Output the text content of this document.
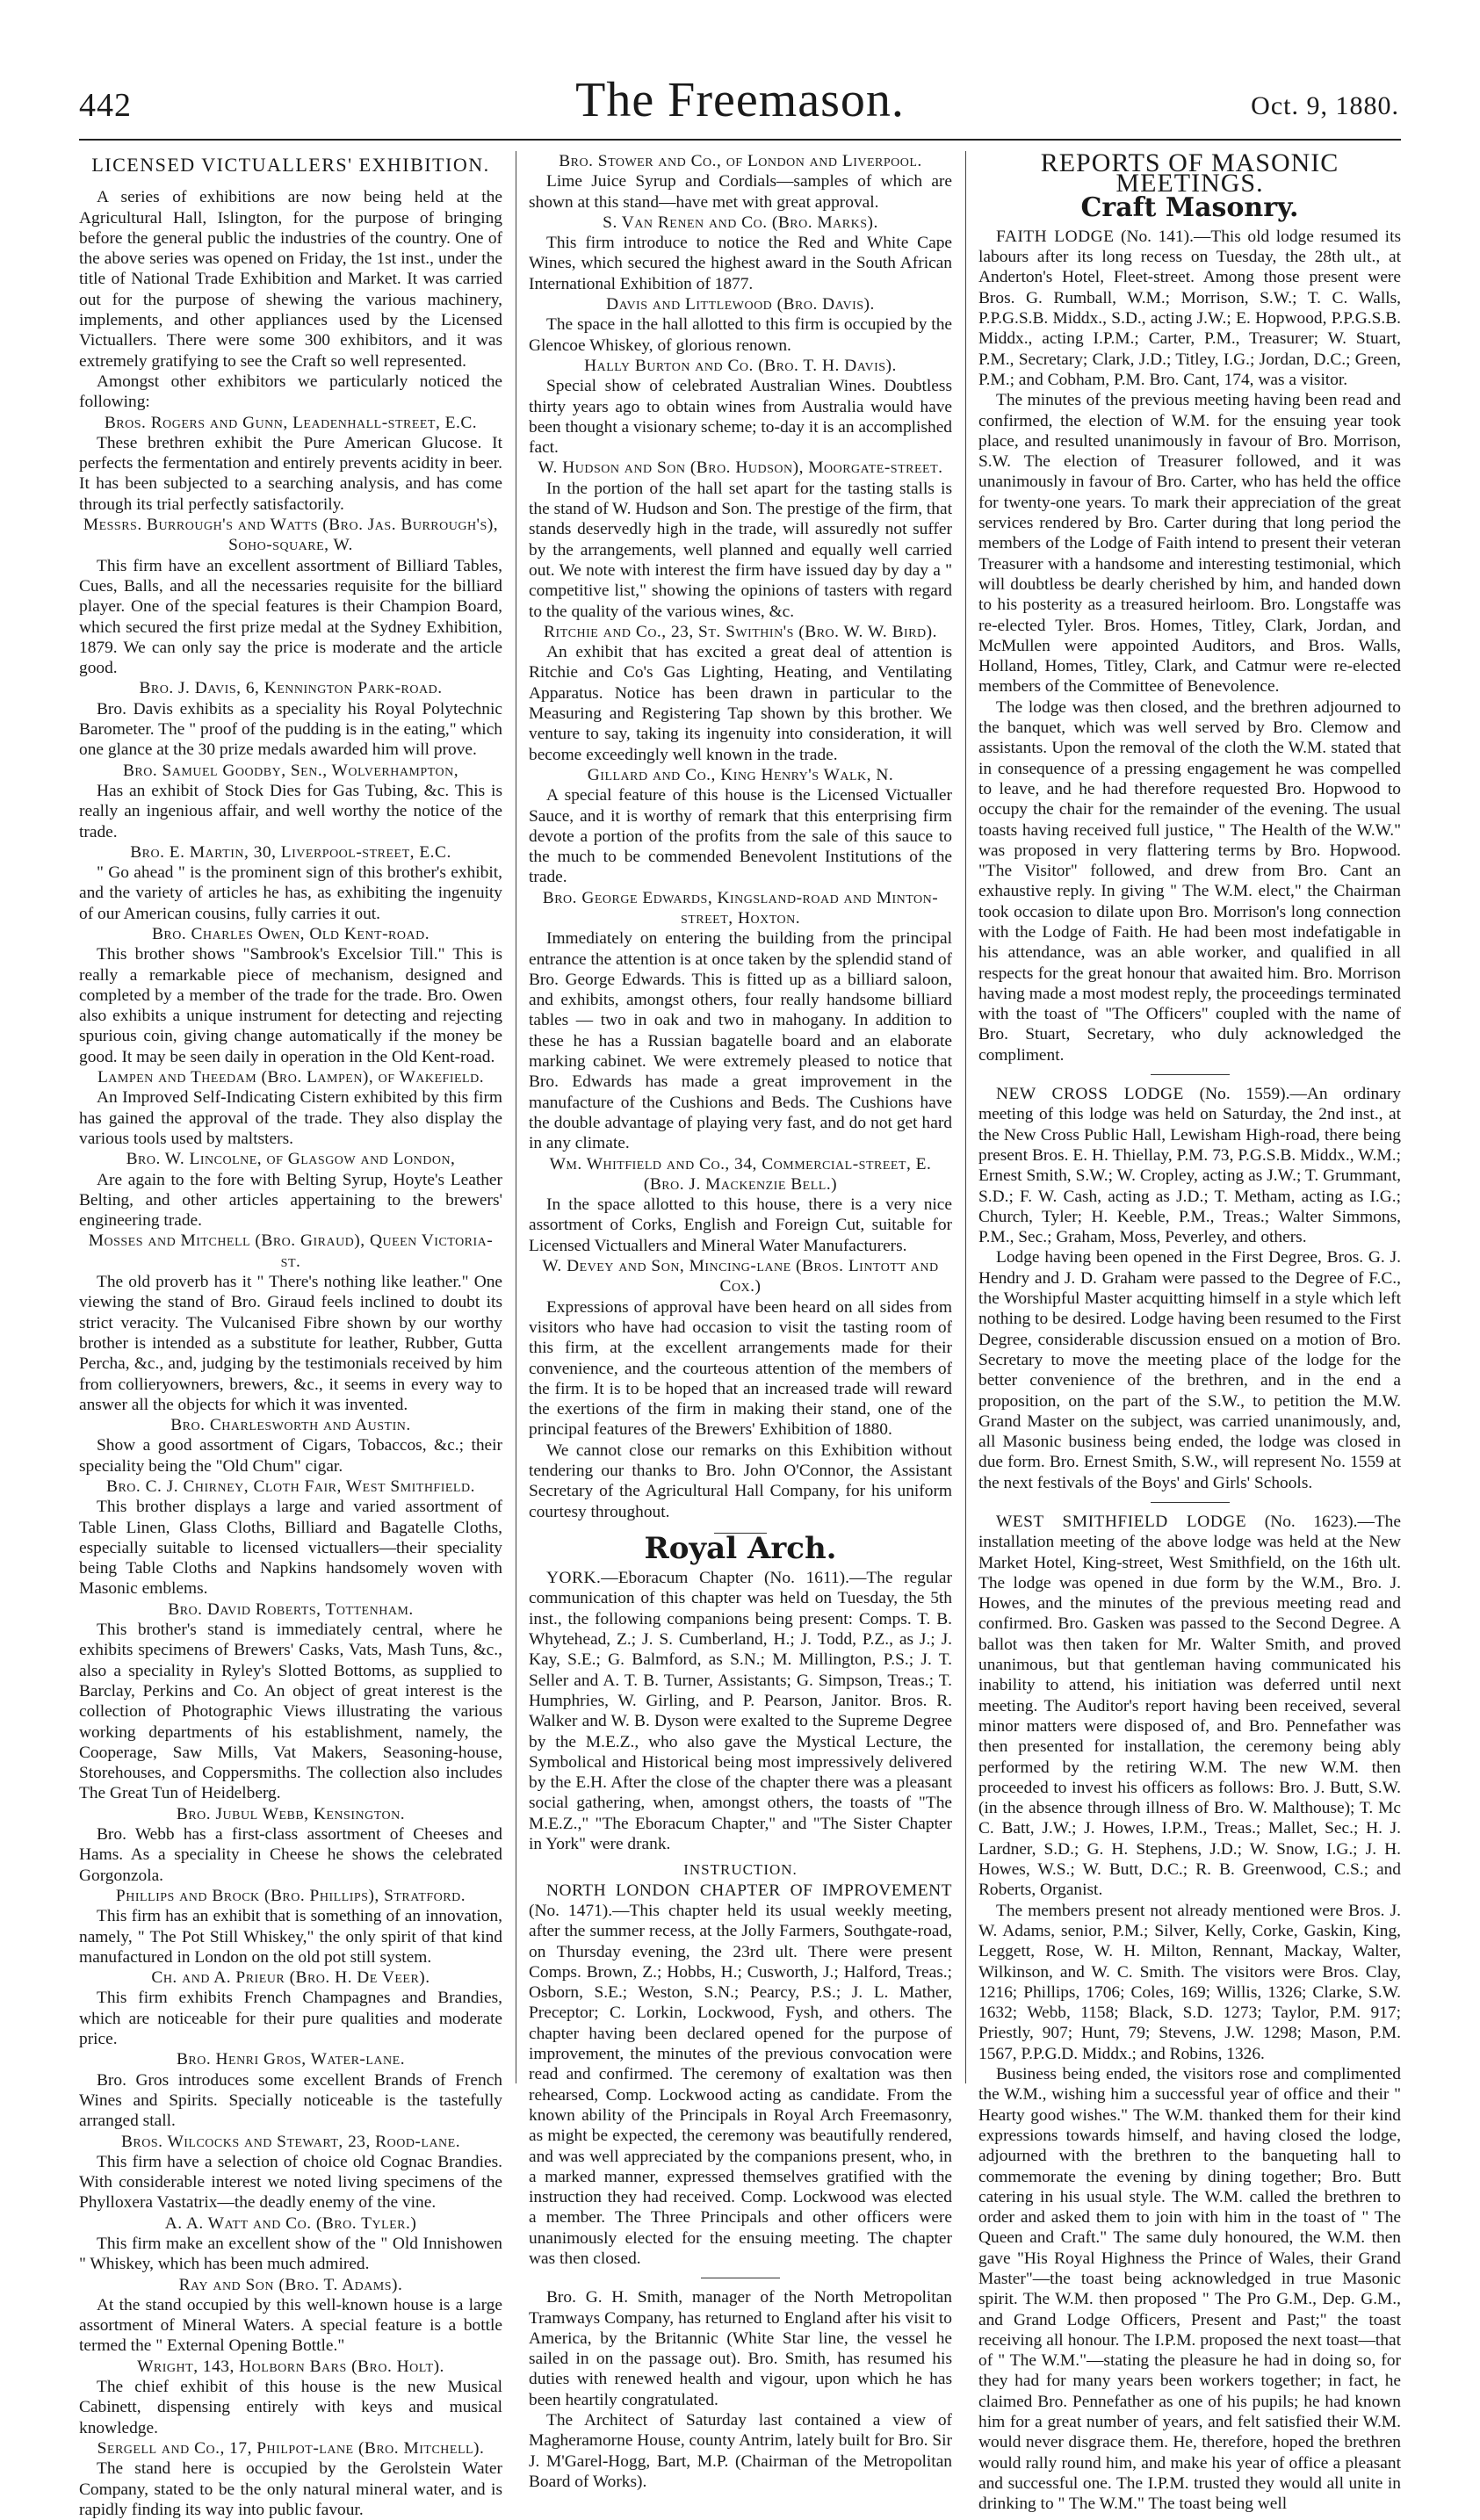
442	The Freemason.	Oct. 9, 1880.
LICENSED VICTUALLERS' EXHIBITION.

A series of exhibitions are now being held at the Agricultural Hall, Islington, for the purpose of bringing before the general public the industries of the country. One of the above series was opened on Friday, the 1st inst., under the title of National Trade Exhibition and Market. It was carried out for the purpose of shewing the various machinery, implements, and other appliances used by the Licensed Victuallers. There were some 300 exhibitors, and it was extremely gratifying to see the Craft so well represented.

Amongst other exhibitors we particularly noticed the following:

Bros. Rogers and Gunn, Leadenhall-street, E.C.

These brethren exhibit the Pure American Glucose. It perfects the fermentation and entirely prevents acidity in beer. It has been subjected to a searching analysis, and has come through its trial perfectly satisfactorily.

Messrs. Burrough's and Watts (Bro. Jas. Burrough's), Soho-square, W.

This firm have an excellent assortment of Billiard Tables, Cues, Balls, and all the necessaries requisite for the billiard player. One of the special features is their Champion Board, which secured the first prize medal at the Sydney Exhibition, 1879. We can only say the price is moderate and the article good.

Bro. J. Davis, 6, Kennington Park-road.

Bro. Davis exhibits as a speciality his Royal Polytechnic Barometer. The " proof of the pudding is in the eating," which one glance at the 30 prize medals awarded him will prove.

Bro. Samuel Goodby, Sen., Wolverhampton,

Has an exhibit of Stock Dies for Gas Tubing, &c. This is really an ingenious affair, and well worthy the notice of the trade.

Bro. E. Martin, 30, Liverpool-street, E.C.

" Go ahead " is the prominent sign of this brother's exhibit, and the variety of articles he has, as exhibiting the ingenuity of our American cousins, fully carries it out.

Bro. Charles Owen, Old Kent-road.

This brother shows "Sambrook's Excelsior Till." This is really a remarkable piece of mechanism, designed and completed by a member of the trade for the trade. Bro. Owen also exhibits a unique instrument for detecting and rejecting spurious coin, giving change automatically if the money be good. It may be seen daily in operation in the Old Kent-road.

Lampen and Theedam (Bro. Lampen), of Wakefield.

An Improved Self-Indicating Cistern exhibited by this firm has gained the approval of the trade. They also display the various tools used by maltsters.

Bro. W. Lincolne, of Glasgow and London,

Are again to the fore with Belting Syrup, Hoyte's Leather Belting, and other articles appertaining to the brewers' engineering trade.

Mosses and Mitchell (Bro. Giraud), Queen Victoria-st.

The old proverb has it " There's nothing like leather." One viewing the stand of Bro. Giraud feels inclined to doubt its strict veracity. The Vulcanised Fibre shown by our worthy brother is intended as a substitute for leather, Rubber, Gutta Percha, &c., and, judging by the testimonials received by him from collieryowners, brewers, &c., it seems in every way to answer all the objects for which it was invented.

Bro. Charlesworth and Austin.

Show a good assortment of Cigars, Tobaccos, &c.; their speciality being the "Old Chum" cigar.

Bro. C. J. Chirney, Cloth Fair, West Smithfield.

This brother displays a large and varied assortment of Table Linen, Glass Cloths, Billiard and Bagatelle Cloths, especially suitable to licensed victuallers—their speciality being Table Cloths and Napkins handsomely woven with Masonic emblems.

Bro. David Roberts, Tottenham.

This brother's stand is immediately central, where he exhibits specimens of Brewers' Casks, Vats, Mash Tuns, &c., also a speciality in Ryley's Slotted Bottoms, as supplied to Barclay, Perkins and Co. An object of great interest is the collection of Photographic Views illustrating the various working departments of his establishment, namely, the Cooperage, Saw Mills, Vat Makers, Seasoning-house, Storehouses, and Coppersmiths. The collection also includes The Great Tun of Heidelberg.

Bro. Jubul Webb, Kensington.

Bro. Webb has a first-class assortment of Cheeses and Hams. As a speciality in Cheese he shows the celebrated Gorgonzola.

Phillips and Brock (Bro. Phillips), Stratford.

This firm has an exhibit that is something of an innovation, namely, " The Pot Still Whiskey," the only spirit of that kind manufactured in London on the old pot still system.

Ch. and A. Prieur (Bro. H. De Veer).

This firm exhibits French Champagnes and Brandies, which are noticeable for their pure qualities and moderate price.

Bro. Henri Gros, Water-lane.

Bro. Gros introduces some excellent Brands of French Wines and Spirits. Specially noticeable is the tastefully arranged stall.

Bros. Wilcocks and Stewart, 23, Rood-lane.

This firm have a selection of choice old Cognac Brandies. With considerable interest we noted living specimens of the Phylloxera Vastatrix—the deadly enemy of the vine.

A. A. Watt and Co. (Bro. Tyler.)

This firm make an excellent show of the " Old Innishowen " Whiskey, which has been much admired.

Ray and Son (Bro. T. Adams).

At the stand occupied by this well-known house is a large assortment of Mineral Waters. A special feature is a bottle termed the " External Opening Bottle."

Wright, 143, Holborn Bars (Bro. Holt).

The chief exhibit of this house is the new Musical Cabinett, dispensing entirely with keys and musical knowledge.

Sergell and Co., 17, Philpot-lane (Bro. Mitchell).

The stand here is occupied by the Gerolstein Water Company, stated to be the only natural mineral water, and is rapidly finding its way into public favour.

Bro. Stower and Co., of London and Liverpool.

Lime Juice Syrup and Cordials—samples of which are shown at this stand—have met with great approval.

S. Van Renen and Co. (Bro. Marks).

This firm introduce to notice the Red and White Cape Wines, which secured the highest award in the South African International Exhibition of 1877.

Davis and Littlewood (Bro. Davis).

The space in the hall allotted to this firm is occupied by the Glencoe Whiskey, of glorious renown.

Hally Burton and Co. (Bro. T. H. Davis).

Special show of celebrated Australian Wines. Doubtless thirty years ago to obtain wines from Australia would have been thought a visionary scheme; to-day it is an accomplished fact.

W. Hudson and Son (Bro. Hudson), Moorgate-street.

In the portion of the hall set apart for the tasting stalls is the stand of W. Hudson and Son. The prestige of the firm, that stands deservedly high in the trade, will assuredly not suffer by the arrangements, well planned and equally well carried out. We note with interest the firm have issued day by day a " competitive list," showing the opinions of tasters with regard to the quality of the various wines, &c.

Ritchie and Co., 23, St. Swithin's (Bro. W. W. Bird).

An exhibit that has excited a great deal of attention is Ritchie and Co's Gas Lighting, Heating, and Ventilating Apparatus. Notice has been drawn in particular to the Measuring and Registering Tap shown by this brother. We venture to say, taking its ingenuity into consideration, it will become exceedingly well known in the trade.

Gillard and Co., King Henry's Walk, N.

A special feature of this house is the Licensed Victualler Sauce, and it is worthy of remark that this enterprising firm devote a portion of the profits from the sale of this sauce to the much to be commended Benevolent Institutions of the trade.

Bro. George Edwards, Kingsland-road and Minton-street, Hoxton.

Immediately on entering the building from the principal entrance the attention is at once taken by the splendid stand of Bro. George Edwards. This is fitted up as a billiard saloon, and exhibits, amongst others, four really handsome billiard tables — two in oak and two in mahogany. In addition to these he has a Russian bagatelle board and an elaborate marking cabinet. We were extremely pleased to notice that Bro. Edwards has made a great improvement in the manufacture of the Cushions and Beds. The Cushions have the double advantage of playing very fast, and do not get hard in any climate.

Wm. Whitfield and Co., 34, Commercial-street, E. (Bro. J. Mackenzie Bell.)

In the space allotted to this house, there is a very nice assortment of Corks, English and Foreign Cut, suitable for Licensed Victuallers and Mineral Water Manufacturers.

W. Devey and Son, Mincing-lane (Bros. Lintott and Cox.)

Expressions of approval have been heard on all sides from visitors who have had occasion to visit the tasting room of this firm, at the excellent arrangements made for their convenience, and the courteous attention of the members of the firm. It is to be hoped that an increased trade will reward the exertions of the firm in making their stand, one of the principal features of the Brewers' Exhibition of 1880.

We cannot close our remarks on this Exhibition without tendering our thanks to Bro. John O'Connor, the Assistant Secretary of the Agricultural Hall Company, for his uniform courtesy throughout.

Royal Arch.

YORK.—Eboracum Chapter (No. 1611).—The regular communication of this chapter was held on Tuesday, the 5th inst., the following companions being present: Comps. T. B. Whytehead, Z.; J. S. Cumberland, H.; J. Todd, P.Z., as J.; J. Kay, S.E.; G. Balmford, as S.N.; M. Millington, P.S.; J. T. Seller and A. T. B. Turner, Assistants; G. Simpson, Treas.; T. Humphries, W. Girling, and P. Pearson, Janitor. Bros. R. Walker and W. B. Dyson were exalted to the Supreme Degree by the M.E.Z., who also gave the Mystical Lecture, the Symbolical and Historical being most impressively delivered by the E.H. After the close of the chapter there was a pleasant social gathering, when, amongst others, the toasts of "The M.E.Z.," "The Eboracum Chapter," and "The Sister Chapter in York" were drank.

INSTRUCTION.

NORTH LONDON CHAPTER OF IMPROVEMENT (No. 1471).—This chapter held its usual weekly meeting, after the summer recess, at the Jolly Farmers, Southgate-road, on Thursday evening, the 23rd ult. There were present Comps. Brown, Z.; Hobbs, H.; Cusworth, J.; Halford, Treas.; Osborn, S.E.; Weston, S.N.; Pearcy, P.S.; J. L. Mather, Preceptor; C. Lorkin, Lockwood, Fysh, and others. The chapter having been declared opened for the purpose of improvement, the minutes of the previous convocation were read and confirmed. The ceremony of exaltation was then rehearsed, Comp. Lockwood acting as candidate. From the known ability of the Principals in Royal Arch Freemasonry, as might be expected, the ceremony was beautifully rendered, and was well appreciated by the companions present, who, in a marked manner, expressed themselves gratified with the instruction they had received. Comp. Lockwood was elected a member. The Three Principals and other officers were unanimously elected for the ensuing meeting. The chapter was then closed.

Bro. G. H. Smith, manager of the North Metropolitan Tramways Company, has returned to England after his visit to America, by the Britannic (White Star line, the vessel he sailed in on the passage out). Bro. Smith, has resumed his duties with renewed health and vigour, upon which he has been heartily congratulated.

The Architect of Saturday last contained a view of Magheramorne House, county Antrim, lately built for Bro. Sir J. M'Garel-Hogg, Bart, M.P. (Chairman of the Metropolitan Board of Works).

REPORTS OF MASONIC MEETINGS.
Craft Masonry.

FAITH LODGE (No. 141).—This old lodge resumed its labours after its long recess on Tuesday, the 28th ult., at Anderton's Hotel, Fleet-street. Among those present were Bros. G. Rumball, W.M.; Morrison, S.W.; T. C. Walls, P.P.G.S.B. Middx., S.D., acting J.W.; E. Hopwood, P.P.G.S.B. Middx., acting I.P.M.; Carter, P.M., Treasurer; W. Stuart, P.M., Secretary; Clark, J.D.; Titley, I.G.; Jordan, D.C.; Green, P.M.; and Cobham, P.M. Bro. Cant, 174, was a visitor.

The minutes of the previous meeting having been read and confirmed, the election of W.M. for the ensuing year took place, and resulted unanimously in favour of Bro. Morrison, S.W. The election of Treasurer followed, and it was unanimously in favour of Bro. Carter, who has held the office for twenty-one years. To mark their appreciation of the great services rendered by Bro. Carter during that long period the members of the Lodge of Faith intend to present their veteran Treasurer with a handsome and interesting testimonial, which will doubtless be dearly cherished by him, and handed down to his posterity as a treasured heirloom. Bro. Longstaffe was re-elected Tyler. Bros. Homes, Titley, Clark, Jordan, and McMullen were appointed Auditors, and Bros. Walls, Holland, Homes, Titley, Clark, and Catmur were re-elected members of the Committee of Benevolence.

The lodge was then closed, and the brethren adjourned to the banquet, which was well served by Bro. Clemow and assistants. Upon the removal of the cloth the W.M. stated that in consequence of a pressing engagement he was compelled to leave, and he had therefore requested Bro. Hopwood to occupy the chair for the remainder of the evening. The usual toasts having received full justice, " The Health of the W.W." was proposed in very flattering terms by Bro. Hopwood. "The Visitor" followed, and drew from Bro. Cant an exhaustive reply. In giving " The W.M. elect," the Chairman took occasion to dilate upon Bro. Morrison's long connection with the Lodge of Faith. He had been most indefatigable in his attendance, was an able worker, and qualified in all respects for the great honour that awaited him. Bro. Morrison having made a most modest reply, the proceedings terminated with the toast of "The Officers" coupled with the name of Bro. Stuart, Secretary, who duly acknowledged the compliment.

NEW CROSS LODGE (No. 1559).—An ordinary meeting of this lodge was held on Saturday, the 2nd inst., at the New Cross Public Hall, Lewisham High-road, there being present Bros. E. H. Thiellay, P.M. 73, P.G.S.B. Middx., W.M.; Ernest Smith, S.W.; W. Cropley, acting as J.W.; T. Grummant, S.D.; F. W. Cash, acting as J.D.; T. Metham, acting as I.G.; Church, Tyler; H. Keeble, P.M., Treas.; Walter Simmons, P.M., Sec.; Graham, Moss, Peverley, and others.

Lodge having been opened in the First Degree, Bros. G. J. Hendry and J. D. Graham were passed to the Degree of F.C., the Worshipful Master acquitting himself in a style which left nothing to be desired. Lodge having been resumed to the First Degree, considerable discussion ensued on a motion of Bro. Secretary to move the meeting place of the lodge for the better convenience of the brethren, and in the end a proposition, on the part of the S.W., to petition the M.W. Grand Master on the subject, was carried unanimously, and, all Masonic business being ended, the lodge was closed in due form. Bro. Ernest Smith, S.W., will represent No. 1559 at the next festivals of the Boys' and Girls' Schools.

WEST SMITHFIELD LODGE (No. 1623).—The installation meeting of the above lodge was held at the New Market Hotel, King-street, West Smithfield, on the 16th ult. The lodge was opened in due form by the W.M., Bro. J. Howes, and the minutes of the previous meeting read and confirmed. Bro. Gasken was passed to the Second Degree. A ballot was then taken for Mr. Walter Smith, and proved unanimous, but that gentleman having communicated his inability to attend, his initiation was deferred until next meeting. The Auditor's report having been received, several minor matters were disposed of, and Bro. Pennefather was then presented for installation, the ceremony being ably performed by the retiring W.M. The new W.M. then proceeded to invest his officers as follows: Bro. J. Butt, S.W. (in the absence through illness of Bro. W. Malthouse); T. Mc C. Batt, J.W.; J. Howes, I.P.M., Treas.; Mallet, Sec.; H. J. Lardner, S.D.; G. H. Stephens, J.D.; W. Snow, I.G.; J. H. Howes, W.S.; W. Butt, D.C.; R. B. Greenwood, C.S.; and Roberts, Organist.

The members present not already mentioned were Bros. J. W. Adams, senior, P.M.; Silver, Kelly, Corke, Gaskin, King, Leggett, Rose, W. H. Milton, Rennant, Mackay, Walter, Wilkinson, and W. C. Smith. The visitors were Bros. Clay, 1216; Phillips, 1706; Coles, 169; Willis, 1326; Clarke, S.W. 1632; Webb, 1158; Black, S.D. 1273; Taylor, P.M. 917; Priestly, 907; Hunt, 79; Stevens, J.W. 1298; Mason, P.M. 1567, P.P.G.D. Middx.; and Robins, 1326.

Business being ended, the visitors rose and complimented the W.M., wishing him a successful year of office and their " Hearty good wishes." The W.M. thanked them for their kind expressions towards himself, and having closed the lodge, adjourned with the brethren to the banqueting hall to commemorate the evening by dining together; Bro. Butt catering in his usual style. The W.M. called the brethren to order and asked them to join with him in the toast of " The Queen and Craft." The same duly honoured, the W.M. then gave "His Royal Highness the Prince of Wales, their Grand Master"—the toast being acknowledged in true Masonic spirit. The W.M. then proposed " The Pro G.M., Dep. G.M., and Grand Lodge Officers, Present and Past;" the toast receiving all honour. The I.P.M. proposed the next toast—that of " The W.M."—stating the pleasure he had in doing so, for they had for many years been workers together; in fact, he claimed Bro. Pennefather as one of his pupils; he had known him for a great number of years, and felt satisfied their W.M. would never disgrace them. He, therefore, hoped the brethren would rally round him, and make his year of office a pleasant and successful one. The I.P.M. trusted they would all unite in drinking to " The W.M." The toast being well
